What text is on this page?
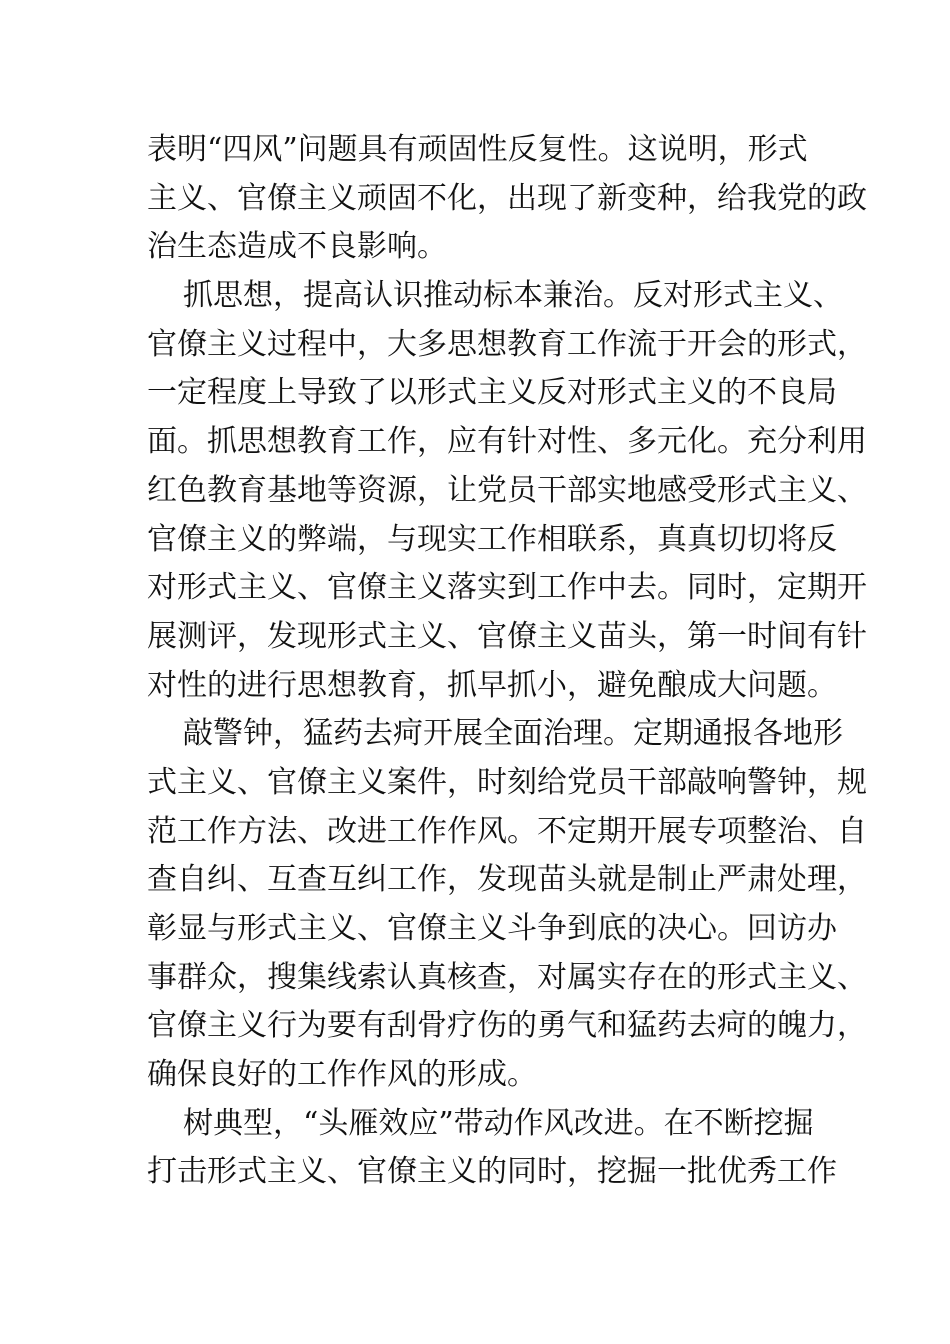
表明“四风”问题具有顽固性反复性。这说明，形式
主义、官僚主义顽固不化，出现了新变种，给我党的政
治生态造成不良影响。
抓思想，提高认识推动标本兼治。反对形式主义、
官僚主义过程中，大多思想教育工作流于开会的形式，
一定程度上导致了以形式主义反对形式主义的不良局
面。抓思想教育工作，应有针对性、多元化。充分利用
红色教育基地等资源，让党员干部实地感受形式主义、
官僚主义的弊端，与现实工作相联系，真真切切将反
对形式主义、官僚主义落实到工作中去。同时，定期开
展测评，发现形式主义、官僚主义苗头，第一时间有针
对性的进行思想教育，抓早抓小，避免酿成大问题。
敲警钟，猛药去疴开展全面治理。定期通报各地形
式主义、官僚主义案件，时刻给党员干部敲响警钟，规
范工作方法、改进工作作风。不定期开展专项整治、自
查自纠、互查互纠工作，发现苗头就是制止严肃处理，
彰显与形式主义、官僚主义斗争到底的决心。回访办
事群众，搜集线索认真核查，对属实存在的形式主义、
官僚主义行为要有刮骨疗伤的勇气和猛药去疴的魄力，
确保良好的工作作风的形成。
树典型，“头雁效应”带动作风改进。在不断挖掘
打击形式主义、官僚主义的同时，挖掘一批优秀工作
